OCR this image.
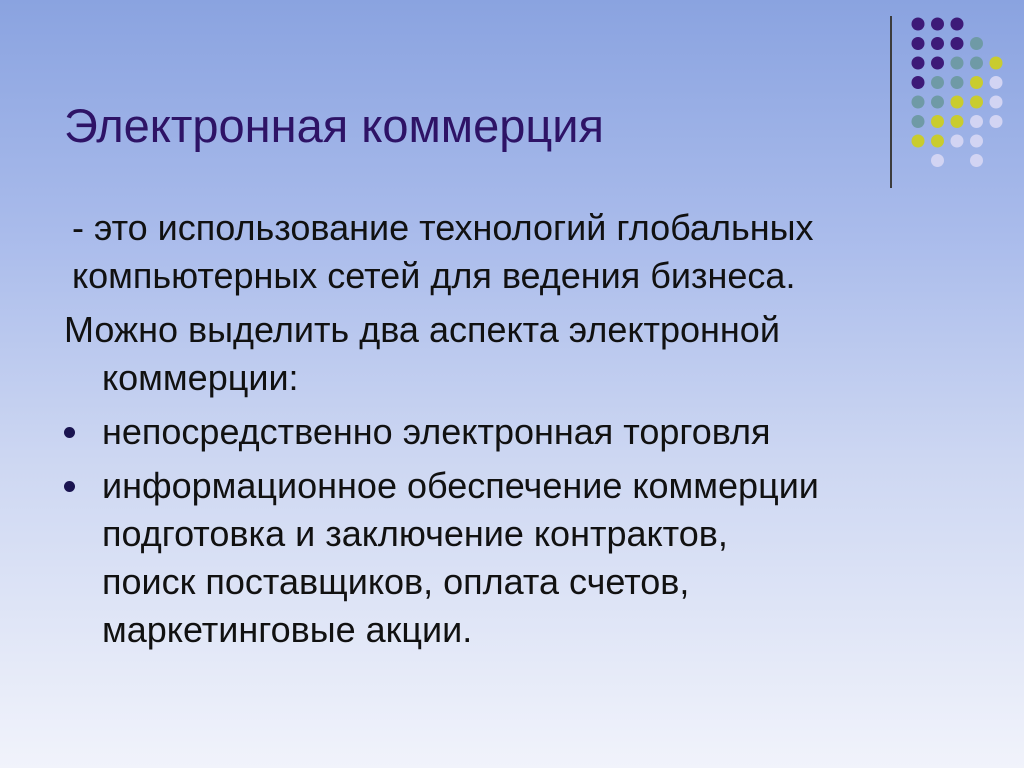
Электронная коммерция

- это использование технологий глобальных
компьютерных сетей для ведения бизнеса.

Можно выделить два аспекта электронной
коммерции:

непосредственно электронная торговля
информационное обеспечение коммерции
подготовка и заключение контрактов,
поиск поставщиков, оплата счетов,
маркетинговые акции.
